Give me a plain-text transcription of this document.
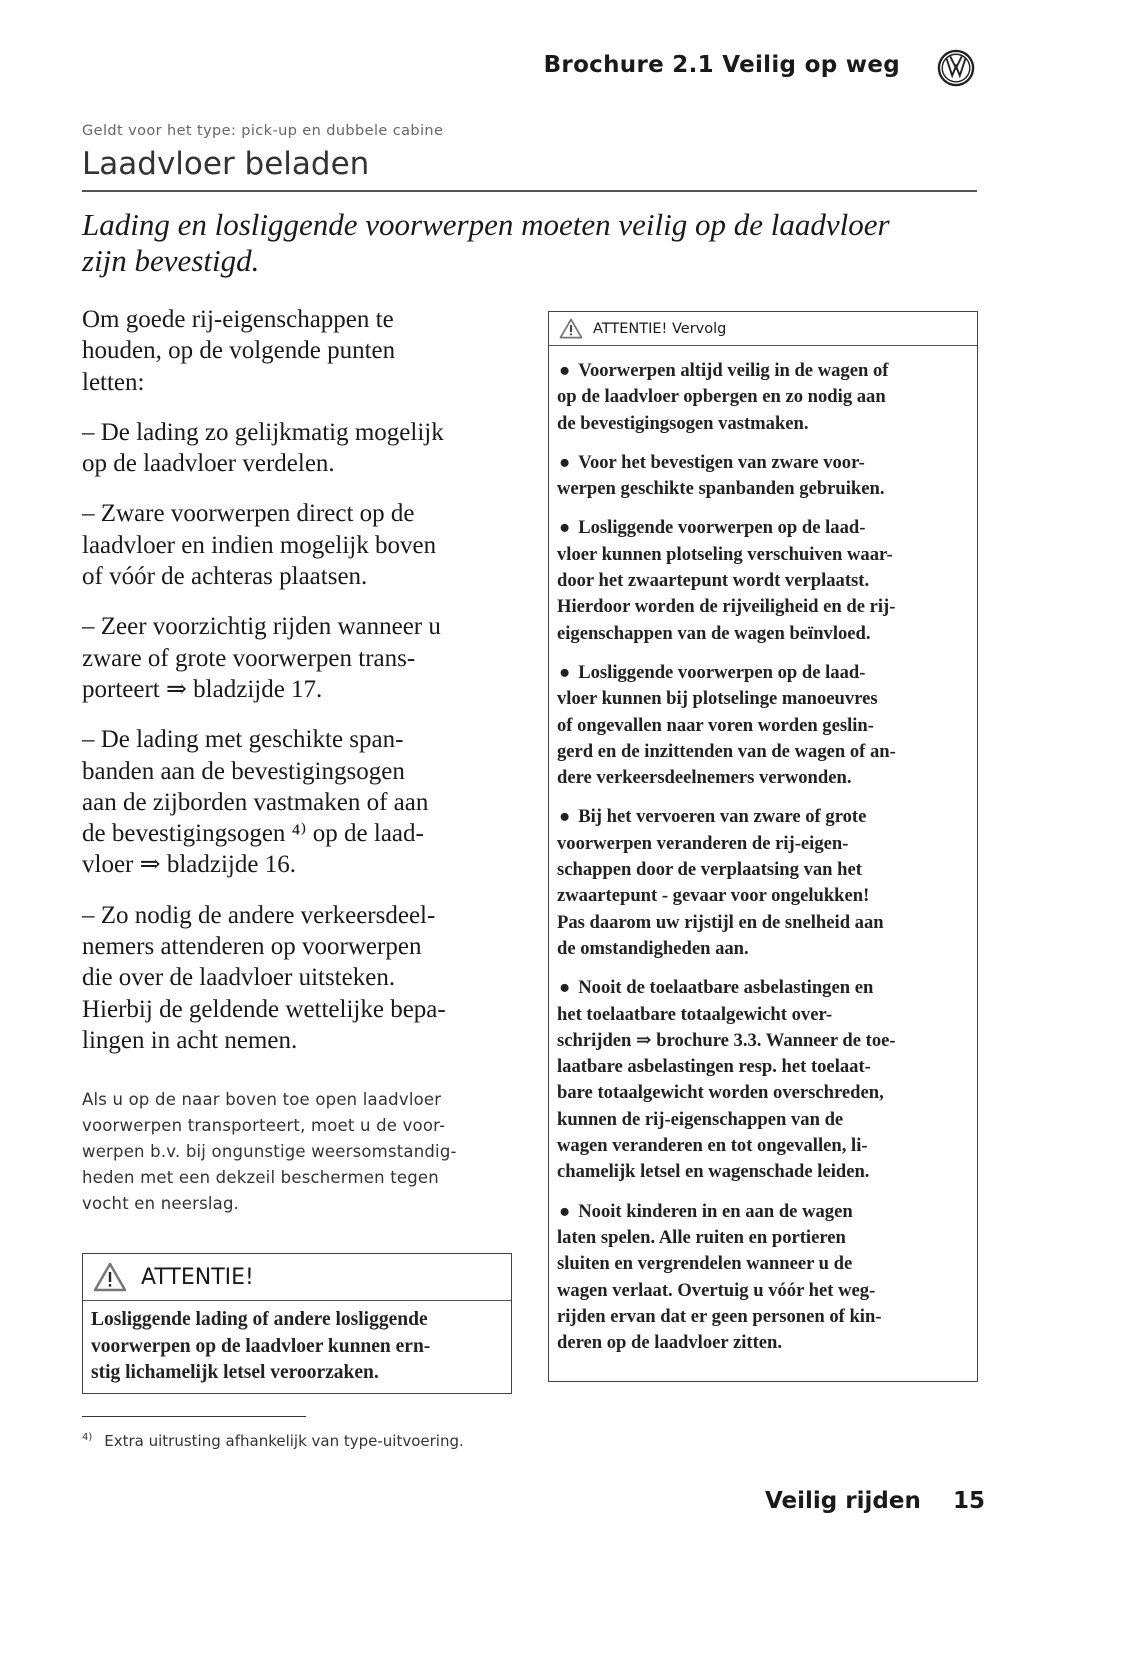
Brochure 2.1 Veilig op weg
Geldt voor het type: pick-up en dubbele cabine
Laadvloer beladen
Lading en losliggende voorwerpen moeten veilig op de laadvloer
zijn bevestigd.

Om goede rij-eigenschappen te
houden, op de volgende punten
letten:

– De lading zo gelijkmatig mogelijk
op de laadvloer verdelen.

– Zware voorwerpen direct op de
laadvloer en indien mogelijk boven
of vóór de achteras plaatsen.

– Zeer voorzichtig rijden wanneer u
zware of grote voorwerpen trans-
porteert ⇒ bladzijde 17.

– De lading met geschikte span-
banden aan de bevestigingsogen
aan de zijborden vastmaken of aan
de bevestigingsogen ⁴⁾ op de laad-
vloer ⇒ bladzijde 16.

– Zo nodig de andere verkeersdeel-
nemers attenderen op voorwerpen
die over de laadvloer uitsteken.
Hierbij de geldende wettelijke bepa-
lingen in acht nemen.

Als u op de naar boven toe open laadvloer
voorwerpen transporteert, moet u de voor-
werpen b.v. bij ongunstige weersomstandig-
heden met een dekzeil beschermen tegen
vocht en neerslag.
ATTENTIE!
Losliggende lading of andere losliggende
voorwerpen op de laadvloer kunnen ern-
stig lichamelijk letsel veroorzaken.
ATTENTIE! Vervolg
● Voorwerpen altijd veilig in de wagen of
op de laadvloer opbergen en zo nodig aan
de bevestigingsogen vastmaken.
● Voor het bevestigen van zware voor-
werpen geschikte spanbanden gebruiken.
● Losliggende voorwerpen op de laad-
vloer kunnen plotseling verschuiven waar-
door het zwaartepunt wordt verplaatst.
Hierdoor worden de rijveiligheid en de rij-
eigenschappen van de wagen beïnvloed.
● Losliggende voorwerpen op de laad-
vloer kunnen bij plotselinge manoeuvres
of ongevallen naar voren worden geslin-
gerd en de inzittenden van de wagen of an-
dere verkeersdeelnemers verwonden.
● Bij het vervoeren van zware of grote
voorwerpen veranderen de rij-eigen-
schappen door de verplaatsing van het
zwaartepunt - gevaar voor ongelukken!
Pas daarom uw rijstijl en de snelheid aan
de omstandigheden aan.
● Nooit de toelaatbare asbelastingen en
het toelaatbare totaalgewicht over-
schrijden ⇒ brochure 3.3. Wanneer de toe-
laatbare asbelastingen resp. het toelaat-
bare totaalgewicht worden overschreden,
kunnen de rij-eigenschappen van de
wagen veranderen en tot ongevallen, li-
chamelijk letsel en wagenschade leiden.
● Nooit kinderen in en aan de wagen
laten spelen. Alle ruiten en portieren
sluiten en vergrendelen wanneer u de
wagen verlaat. Overtuig u vóór het weg-
rijden ervan dat er geen personen of kin-
deren op de laadvloer zitten.
$^{4)}$ Extra uitrusting afhankelijk van type-uitvoering.
Veilig rijden 15
